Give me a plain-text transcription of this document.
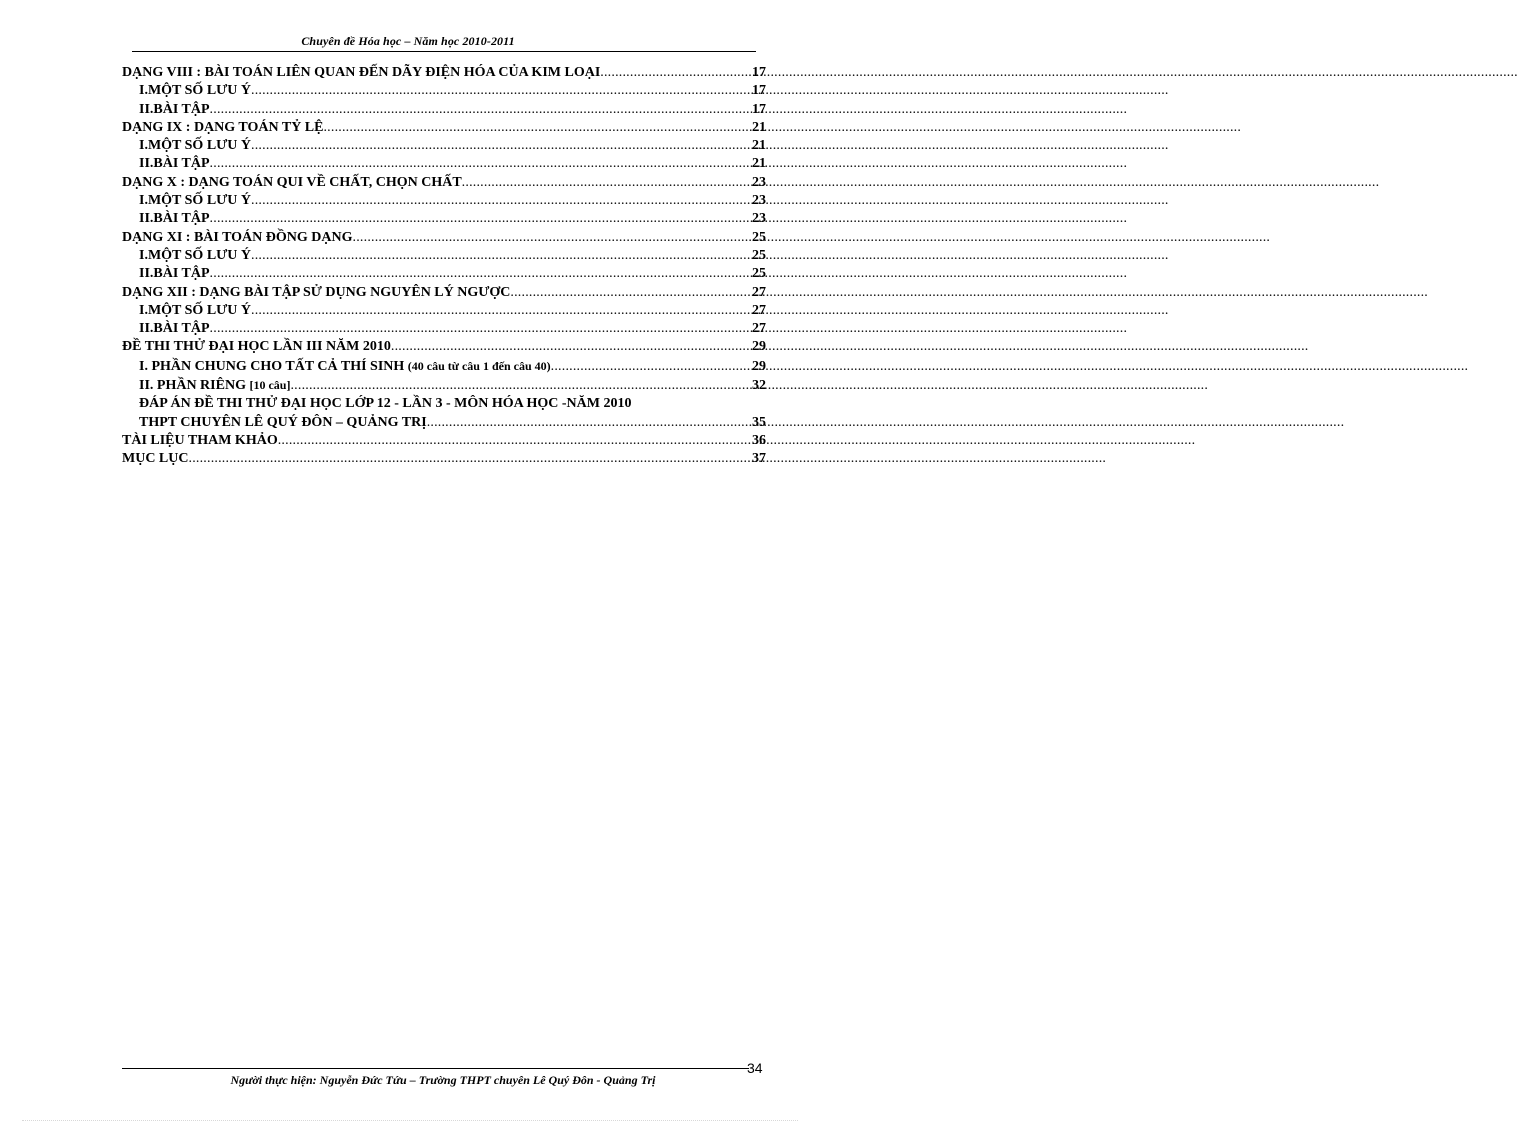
Chuyên đề Hóa học – Năm học 2010-2011
DẠNG VIII : BÀI TOÁN LIÊN QUAN ĐẾN DÃY ĐIỆN HÓA CỦA KIM LOẠI .....	17
I.MỘT SỐ LƯU Ý .....	17
II.BÀI TẬP .....	17
DẠNG IX : DẠNG TOÁN TỶ LỆ .....	21
I.MỘT SỐ LƯU Ý .....	21
II.BÀI TẬP .....	21
DẠNG X : DẠNG TOÁN QUI VỀ CHẤT, CHỌN CHẤT .....	23
I.MỘT SỐ LƯU Ý .....	23
II.BÀI TẬP .....	23
DẠNG XI : BÀI TOÁN ĐỒNG DẠNG .....	25
I.MỘT SỐ LƯU Ý .....	25
II.BÀI TẬP .....	25
DẠNG XII : DẠNG BÀI TẬP SỬ DỤNG NGUYÊN LÝ NGƯỢC .....	27
I.MỘT SỐ LƯU Ý .....	27
II.BÀI TẬP .....	27
ĐỀ THI THỬ ĐẠI HỌC LẦN III NĂM 2010 .....	29
I. PHẦN CHUNG CHO TẤT CẢ THÍ SINH (40 câu từ câu 1 đến câu 40) .....	29
II. PHẦN RIÊNG [10 câu] .....	32
ĐÁP ÁN ĐỀ THI THỬ ĐẠI HỌC LỚP 12 - LẦN 3 - MÔN HÓA HỌC -NĂM 2010
THPT CHUYÊN LÊ QUÝ ĐÔN – QUẢNG TRỊ .....	35
TÀI LIỆU THAM KHẢO .....	36
MỤC LỤC .....	37
34
Người thực hiện: Nguyễn Đức Tứu – Trường THPT chuyên Lê Quý Đôn - Quảng Trị
